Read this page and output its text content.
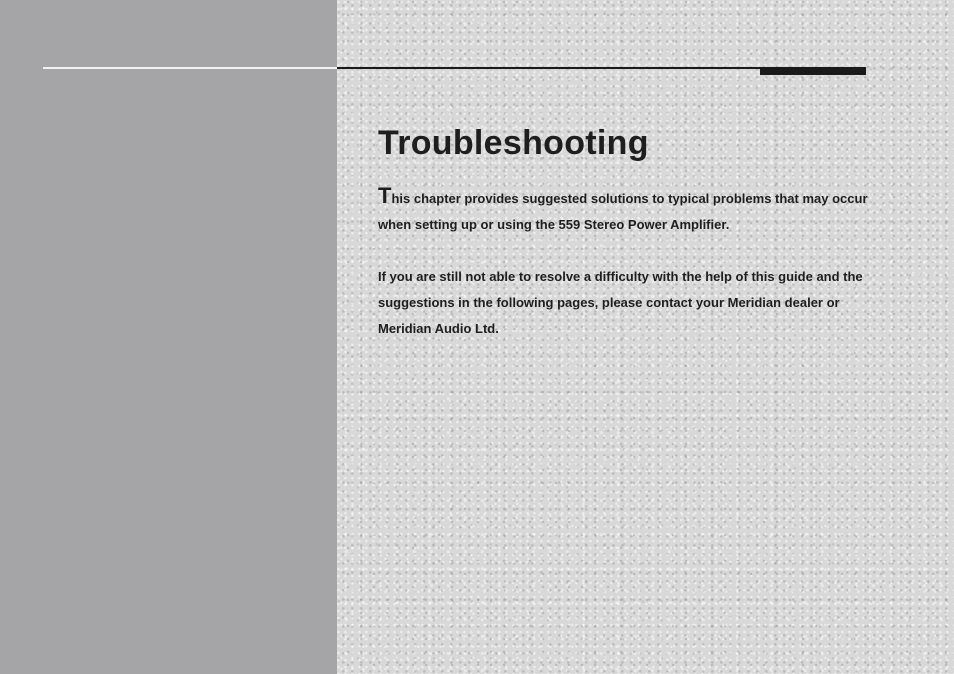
Troubleshooting

This chapter provides suggested solutions to typical problems that may occur when setting up or using the 559 Stereo Power Amplifier.

If you are still not able to resolve a difficulty with the help of this guide and the suggestions in the following pages, please contact your Meridian dealer or Meridian Audio Ltd.
